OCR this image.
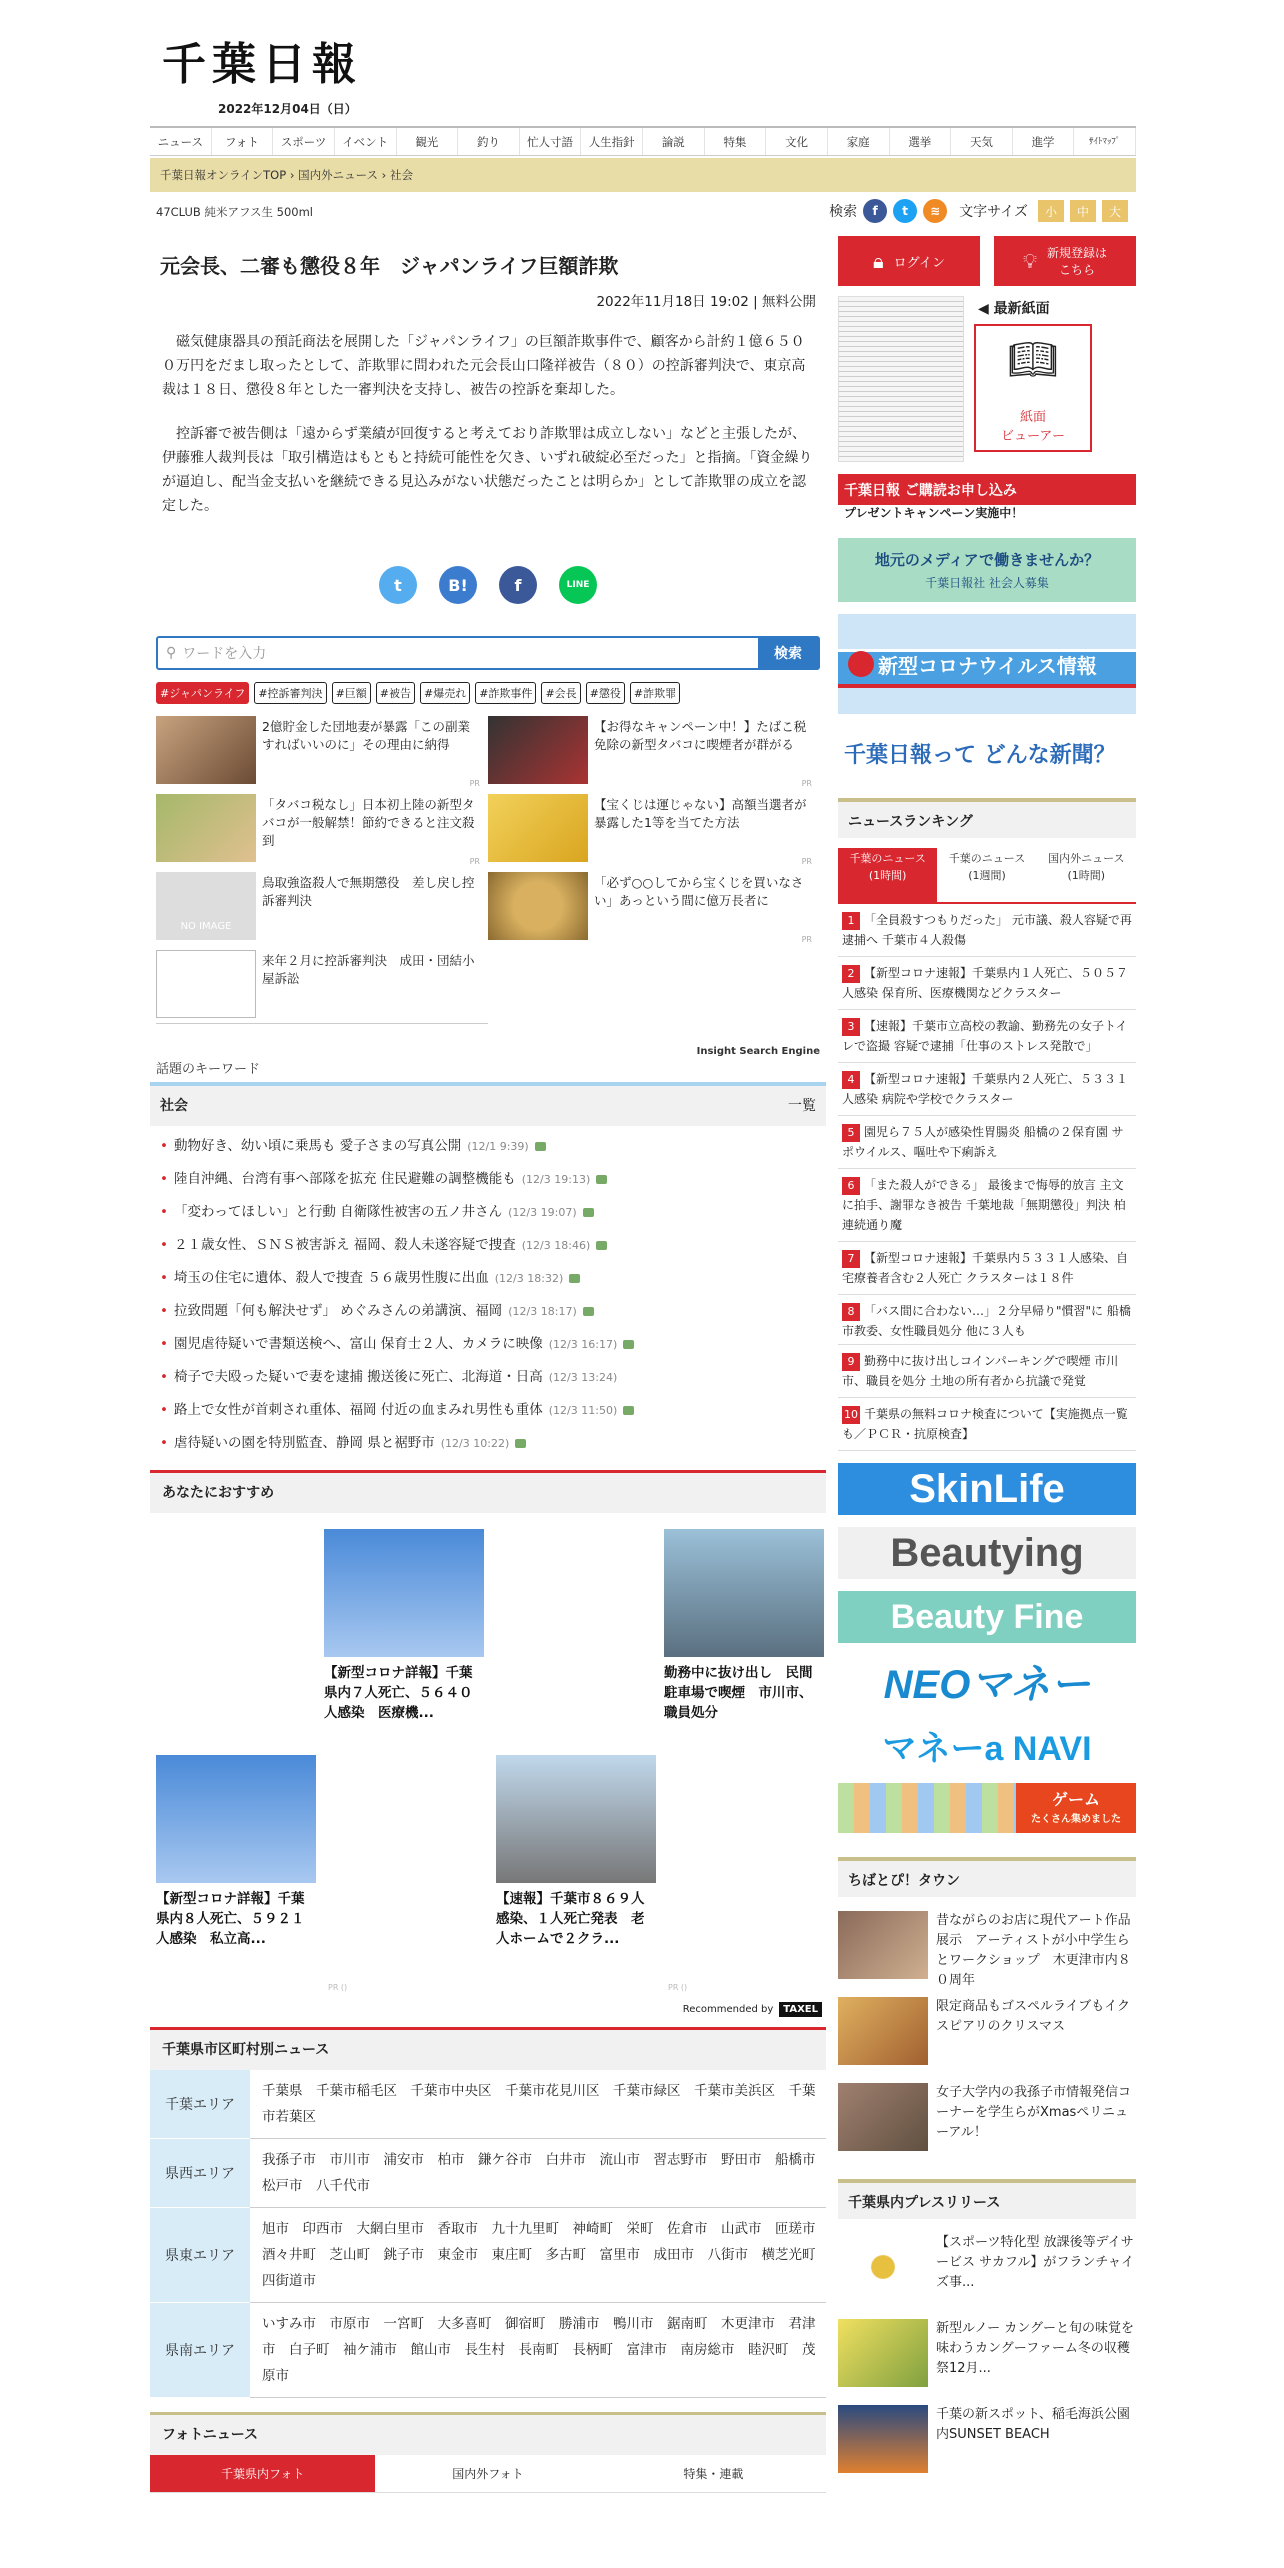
千葉日報
2022年12月04日（日）
ニュース	フォト	スポーツ	イベント	観光	釣り	忙人寸語	人生指針	論説	特集	文化	家庭	選挙	天気	進学	ｻｲﾄﾏｯﾌﾟ
千葉日報オンラインTOP › 国内外ニュース › 社会
47CLUB 純米アフス生 500ml	検索	f	t	≋	文字サイズ	小	中	大
元会長、二審も懲役８年　ジャパンライフ巨額詐欺
2022年11月18日 19:02 | 無料公開

磁気健康器具の預託商法を展開した「ジャパンライフ」の巨額詐欺事件で、顧客から計約１億６５００万円をだまし取ったとして、詐欺罪に問われた元会長山口隆祥被告（８０）の控訴審判決で、東京高裁は１８日、懲役８年とした一審判決を支持し、被告の控訴を棄却した。

控訴審で被告側は「遠からず業績が回復すると考えており詐欺罪は成立しない」などと主張したが、伊藤雅人裁判長は「取引構造はもともと持続可能性を欠き、いずれ破綻必至だった」と指摘。「資金繰りが逼迫し、配当金支払いを継続できる見込みがない状態だったことは明らか」として詐欺罪の成立を認定した。

t	B!	f	LINE
⚲ ワードを入力	検索
#ジャパンライフ	#控訴審判決	#巨額	#被告	#爆売れ	#詐欺事件	#会長	#懲役	#詐欺罪
2億貯金した団地妻が暴露「この副業すればいいのに」その理由に納得
PR
【お得なキャンペーン中！】たばこ税免除の新型タバコに喫煙者が群がる
PR
「タバコ税なし」日本初上陸の新型タバコが一般解禁！節約できると注文殺到
PR
【宝くじは運じゃない】高額当選者が暴露した1等を当てた方法
PR
NO IMAGE
鳥取強盗殺人で無期懲役　差し戻し控訴審判決
「必ず○○してから宝くじを買いなさい」あっという間に億万長者に
PR
来年２月に控訴審判決　成田・団結小屋訴訟
話題のキーワード
Insight Search Engine
社会	一覧
• 動物好き、幼い頃に乗馬も 愛子さまの写真公開 (12/1 9:39)
• 陸自沖縄、台湾有事へ部隊を拡充 住民避難の調整機能も (12/3 19:13)
• 「変わってほしい」と行動 自衛隊性被害の五ノ井さん (12/3 19:07)
• ２１歳女性、ＳＮＳ被害訴え 福岡、殺人未遂容疑で捜査 (12/3 18:46)
• 埼玉の住宅に遺体、殺人で捜査 ５６歳男性腹に出血 (12/3 18:32)
• 拉致問題「何も解決せず」 めぐみさんの弟講演、福岡 (12/3 18:17)
• 園児虐待疑いで書類送検へ、富山 保育士２人、カメラに映像 (12/3 16:17)
• 椅子で夫殴った疑いで妻を逮捕 搬送後に死亡、北海道・日高 (12/3 13:24)
• 路上で女性が首刺され重体、福岡 付近の血まみれ男性も重体 (12/3 11:50)
• 虐待疑いの園を特別監査、静岡 県と裾野市 (12/3 10:22)
あなたにおすすめ
【新型コロナ詳報】千葉県内７人死亡、５６４０人感染　医療機...
勤務中に抜け出し　民間駐車場で喫煙　市川市、職員処分
【新型コロナ詳報】千葉県内８人死亡、５９２１人感染　私立高...
【速報】千葉市８６９人感染、１人死亡発表　老人ホームで２クラ...
PR ()	PR ()
Recommended by	TAXEL
千葉県市区町村別ニュース
千葉エリア	千葉県　千葉市稲毛区　千葉市中央区　千葉市花見川区　千葉市緑区　千葉市美浜区　千葉市若葉区
県西エリア	我孫子市　市川市　浦安市　柏市　鎌ケ谷市　白井市　流山市　習志野市　野田市　船橋市　松戸市　八千代市
県東エリア	旭市　印西市　大網白里市　香取市　九十九里町　神崎町　栄町　佐倉市　山武市　匝瑳市　酒々井町　芝山町　銚子市　東金市　東庄町　多古町　富里市　成田市　八街市　横芝光町　四街道市
県南エリア	いすみ市　市原市　一宮町　大多喜町　御宿町　勝浦市　鴨川市　鋸南町　木更津市　君津市　白子町　袖ケ浦市　館山市　長生村　長南町　長柄町　富津市　南房総市　睦沢町　茂原市
フォトニュース
千葉県内フォト	国内外フォト	特集・連載
🔒︎ ログイン	💡︎ 新規登録は
こちら
◀ 最新紙面
📖︎
紙面
ビューアー
千葉日報 ご購読お申し込み
プレゼントキャンペーン実施中！
地元のメディアで働きませんか？
千葉日報社 社会人募集
新型コロナウイルス情報
千葉日報って どんな新聞？
ニュースランキング
千葉のニュース
(1時間)
千葉のニュース
(1週間)
国内外ニュース
(1時間)
1 「全員殺すつもりだった」 元市議、殺人容疑で再逮捕へ 千葉市４人殺傷
2 【新型コロナ速報】千葉県内１人死亡、５０５７人感染 保育所、医療機関などクラスター
3 【速報】千葉市立高校の教諭、勤務先の女子トイレで盗撮 容疑で逮捕「仕事のストレス発散で」
4 【新型コロナ速報】千葉県内２人死亡、５３３１人感染 病院や学校でクラスター
5 園児ら７５人が感染性胃腸炎 船橋の２保育園 サポウイルス、嘔吐や下痢訴え
6 「また殺人ができる」 最後まで悔辱的放言 主文に拍手、謝罪なき被告 千葉地裁「無期懲役」判決 柏連続通り魔
7 【新型コロナ速報】千葉県内５３３１人感染、自宅療養者含む２人死亡 クラスターは１８件
8 「バス間に合わない…」２分早帰り"慣習"に 船橋市教委、女性職員処分 他に３人も
9 勤務中に抜け出しコインパーキングで喫煙 市川市、職員を処分 土地の所有者から抗議で発覚
10 千葉県の無料コロナ検査について【実施拠点一覧も／ＰＣＲ・抗原検査】
SkinLife
Beautying
Beauty Fine
NEOマネー
マネーa NAVI
ゲーム
たくさん集めました
ちばとぴ！タウン
昔ながらのお店に現代アート作品展示　アーティストが小中学生らとワークショップ　木更津市内８０周年
限定商品もゴスペルライブもイクスピアリのクリスマス
女子大学内の我孫子市情報発信コーナーを学生らがXmasペリニューアル！
千葉県内プレスリリース
【スポーツ特化型 放課後等デイサービス サカフル】がフランチャイズ事...
新型ルノー カングーと旬の味覚を味わうカングーファーム冬の収穫祭12月...
千葉の新スポット、稲毛海浜公園内SUNSET BEACH
